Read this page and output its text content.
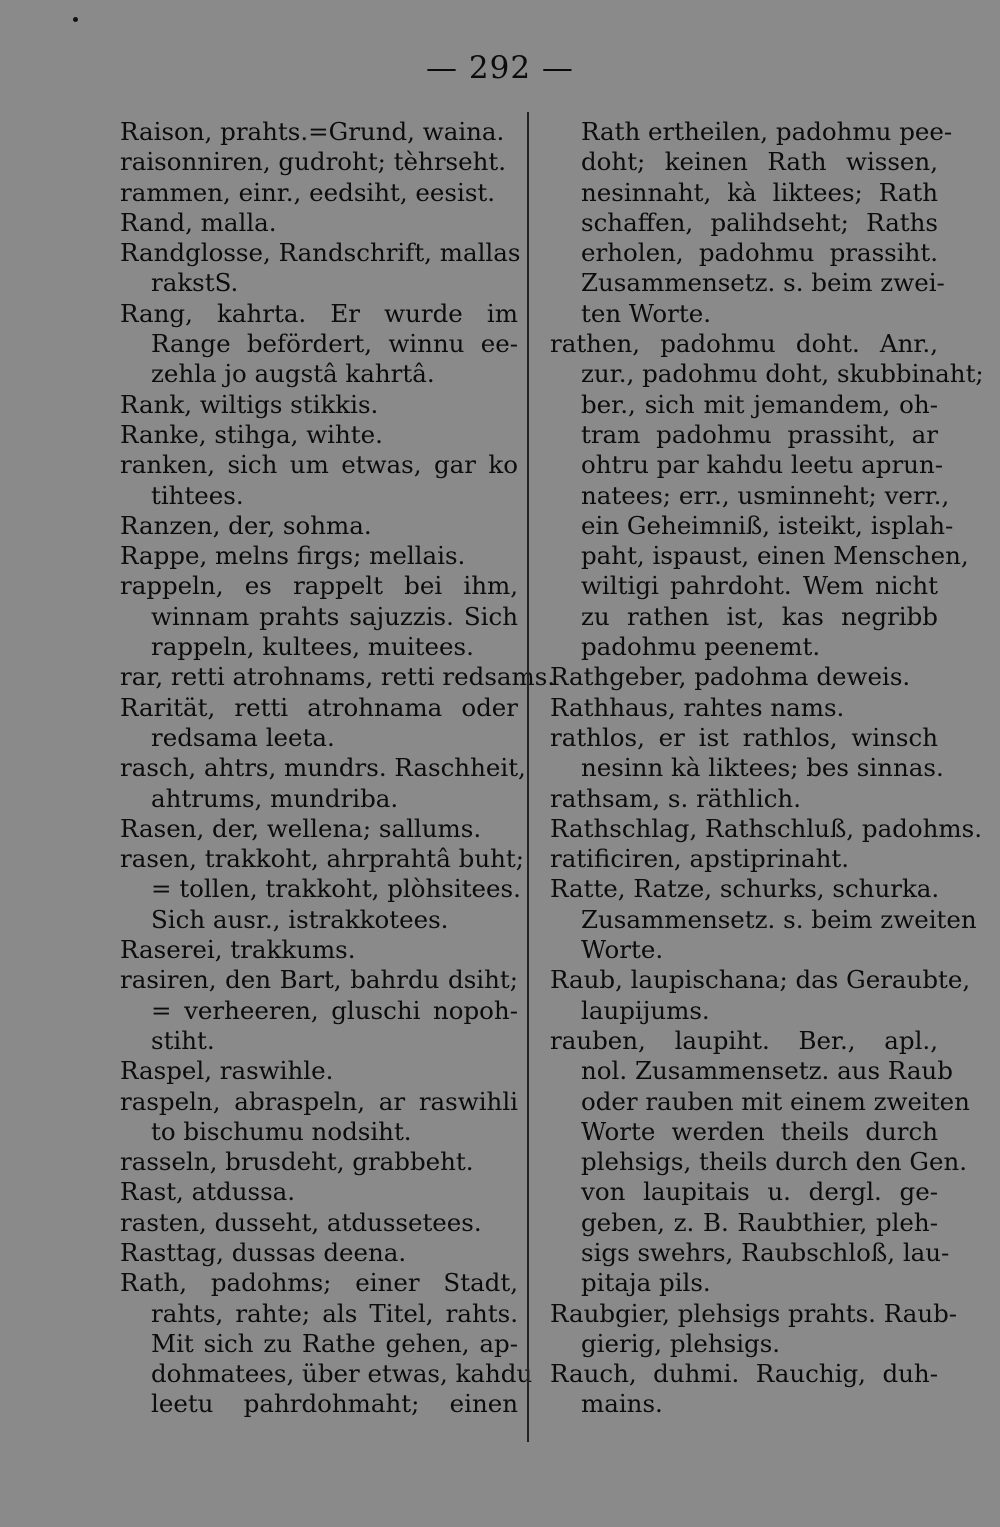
— 292 —
Raison, prahts.=Grund, waina.
raisonniren, gudroht; tèhrseht.
rammen, einr., eedsiht, eesist.
Rand, malla.
Randglosse, Randschrift, mallas
rakstS.
Rang, kahrta. Er wurde im
Range befördert, winnu ee-
zehla jo augstâ kahrtâ.
Rank, wiltigs stikkis.
Ranke, stihga, wihte.
ranken, sich um etwas, gar ko
tihtees.
Ranzen, der, sohma.
Rappe, melns firgs; mellais.
rappeln, es rappelt bei ihm,
winnam prahts sajuzzis. Sich
rappeln, kultees, muitees.
rar, retti atrohnams, retti redsams.
Rarität, retti atrohnama oder
redsama leeta.
rasch, ahtrs, mundrs. Raschheit,
ahtrums, mundriba.
Rasen, der, wellena; sallums.
rasen, trakkoht, ahrprahtâ buht;
= tollen, trakkoht, plòhsitees.
Sich ausr., istrakkotees.
Raserei, trakkums.
rasiren, den Bart, bahrdu dsiht;
= verheeren, gluschi nopoh-
stiht.
Raspel, raswihle.
raspeln, abraspeln, ar raswihli
to bischumu nodsiht.
rasseln, brusdeht, grabbeht.
Rast, atdussa.
rasten, dusseht, atdussetees.
Rasttag, dussas deena.
Rath, padohms; einer Stadt,
rahts, rahte; als Titel, rahts.
Mit sich zu Rathe gehen, ap-
dohmatees, über etwas, kahdu
leetu pahrdohmaht; einen
Rath ertheilen, padohmu pee-
doht; keinen Rath wissen,
nesinnaht, kà liktees; Rath
schaffen, palihdseht; Raths
erholen, padohmu prassiht.
Zusammensetz. s. beim zwei-
ten Worte.
rathen, padohmu doht. Anr.,
zur., padohmu doht, skubbinaht;
ber., sich mit jemandem, oh-
tram padohmu prassiht, ar
ohtru par kahdu leetu aprun-
natees; err., usminneht; verr.,
ein Geheimniß, isteikt, isplah-
paht, ispaust, einen Menschen,
wiltigi pahrdoht. Wem nicht
zu rathen ist, kas negribb
padohmu peenemt.
Rathgeber, padohma deweis.
Rathhaus, rahtes nams.
rathlos, er ist rathlos, winsch
nesinn kà liktees; bes sinnas.
rathsam, s. räthlich.
Rathschlag, Rathschluß, padohms.
ratificiren, apstiprinaht.
Ratte, Ratze, schurks, schurka.
Zusammensetz. s. beim zweiten
Worte.
Raub, laupischana; das Geraubte,
laupijums.
rauben, laupiht. Ber., apl.,
nol. Zusammensetz. aus Raub
oder rauben mit einem zweiten
Worte werden theils durch
plehsigs, theils durch den Gen.
von laupitais u. dergl. ge-
geben, z. B. Raubthier, pleh-
sigs swehrs, Raubschloß, lau-
pitaja pils.
Raubgier, plehsigs prahts. Raub-
gierig, plehsigs.
Rauch, duhmi. Rauchig, duh-
mains.
